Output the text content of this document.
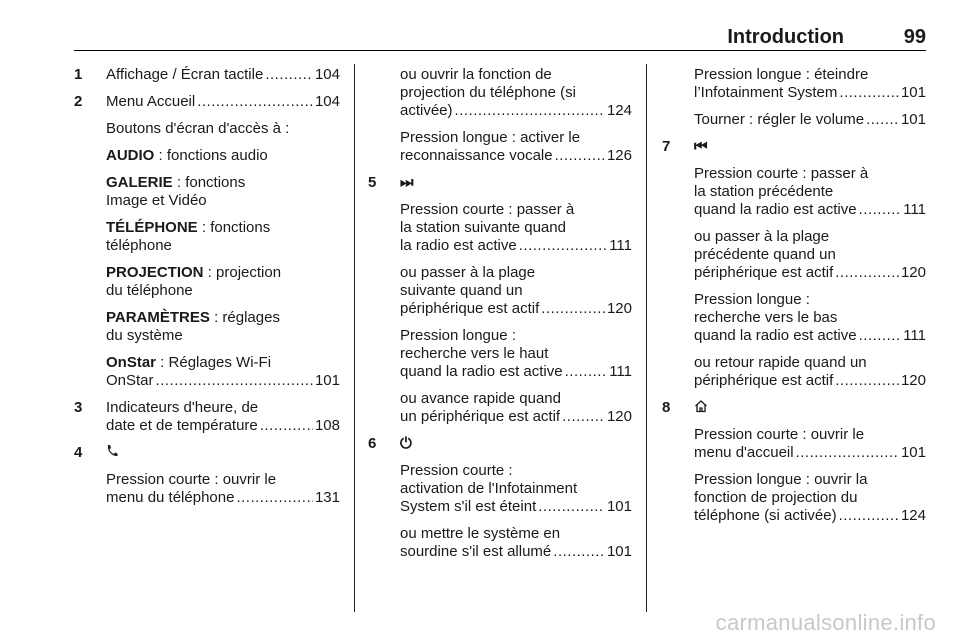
Introduction	99
1 Affichage / Écran tactile .....	104
2 Menu Accueil .....	104
Boutons d'écran d'accès à :
AUDIO : fonctions audio
GALERIE : fonctions
Image et Vidéo
TÉLÉPHONE : fonctions
téléphone
PROJECTION : projection
du téléphone
PARAMÈTRES : réglages
du système
OnStar : Réglages Wi-Fi
OnStar .....	101
3 Indicateurs d'heure, de
date et de température .....	108
4
Pression courte : ouvrir le
menu du téléphone .....	131
ou ouvrir la fonction de
projection du téléphone (si
activée) .....	124
Pression longue : activer le
reconnaissance vocale .....	126
5 ⏭
Pression courte : passer à
la station suivante quand
la radio est active .....	111
ou passer à la plage
suivante quand un
périphérique est actif .....	120
Pression longue :
recherche vers le haut
quand la radio est active .....	111
ou avance rapide quand
un périphérique est actif .....	120
6 ⏻
Pression courte :
activation de l'Infotainment
System s'il est éteint .....	101
ou mettre le système en
sourdine s'il est allumé .....	101
Pression longue : éteindre
l’Infotainment System .....	101
Tourner : régler le volume ..... 101
7 ⏮
Pression courte : passer à
la station précédente
quand la radio est active .....	111
ou passer à la plage
précédente quand un
périphérique est actif .....	120
Pression longue :
recherche vers le bas
quand la radio est active .....	111
ou retour rapide quand un
périphérique est actif .....	120
8
Pression courte : ouvrir le
menu d'accueil .....	101
Pression longue : ouvrir la
fonction de projection du
téléphone (si activée) .....	124
carmanualsonline.info
